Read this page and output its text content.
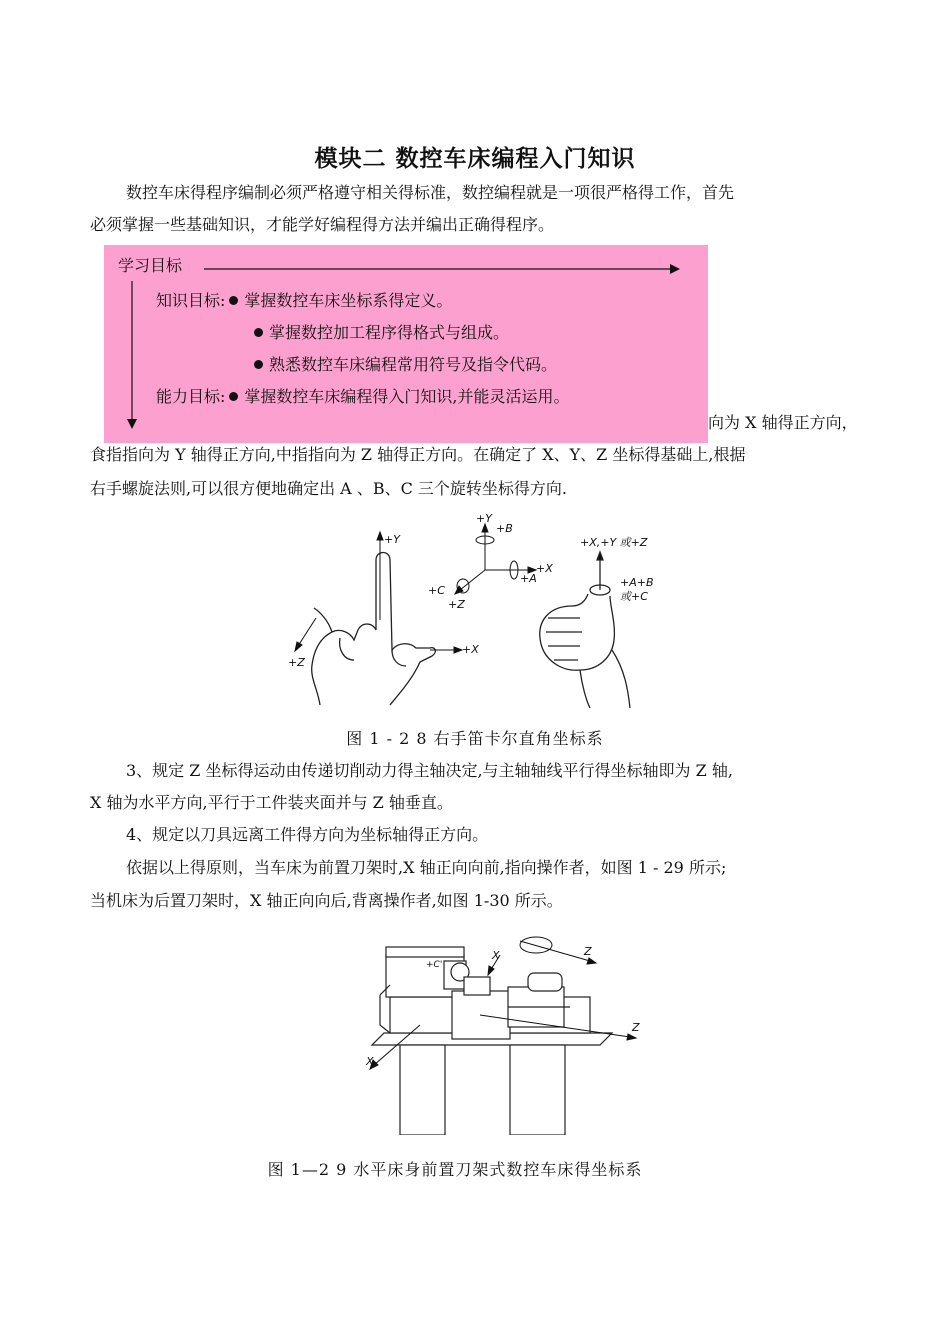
模块二 数控车床编程入门知识

数控车床得程序编制必须严格遵守相关得标准，数控编程就是一项很严格得工作，首先

必须掌握一些基础知识，才能学好编程得方法并编出正确得程序。

学习目标
知识目标: 掌握数控车床坐标系得定义。
掌握数控加工程序得格式与组成。
熟悉数控车床编程常用符号及指令代码。
能力目标: 掌握数控车床编程得入门知识,并能灵活运用。

向为 X 轴得正方向，

食指指向为 Y 轴得正方向,中指指向为 Z 轴得正方向。在确定了 X、Y、Z 坐标得基础上,根据

右手螺旋法则,可以很方便地确定出 A 、B、C 三个旋转坐标得方向.

+Y
+X
+Z
+Y
+B
+X
+A
+C
+Z
+X,+Y 或+Z
+A+B
或+C
图 1 - 2 8 右手笛卡尔直角坐标系

3、规定 Z 坐标得运动由传递切削动力得主轴决定,与主轴轴线平行得坐标轴即为 Z 轴,

X 轴为水平方向,平行于工件装夹面并与 Z 轴垂直。

4、规定以刀具远离工件得方向为坐标轴得正方向。

依据以上得原则，当车床为前置刀架时,X 轴正向向前,指向操作者，如图 1 - 29 所示;

当机床为后置刀架时，X 轴正向向后,背离操作者,如图 1-30 所示。

+C'
X	Z
Z
X
图 1—2 9 水平床身前置刀架式数控车床得坐标系
